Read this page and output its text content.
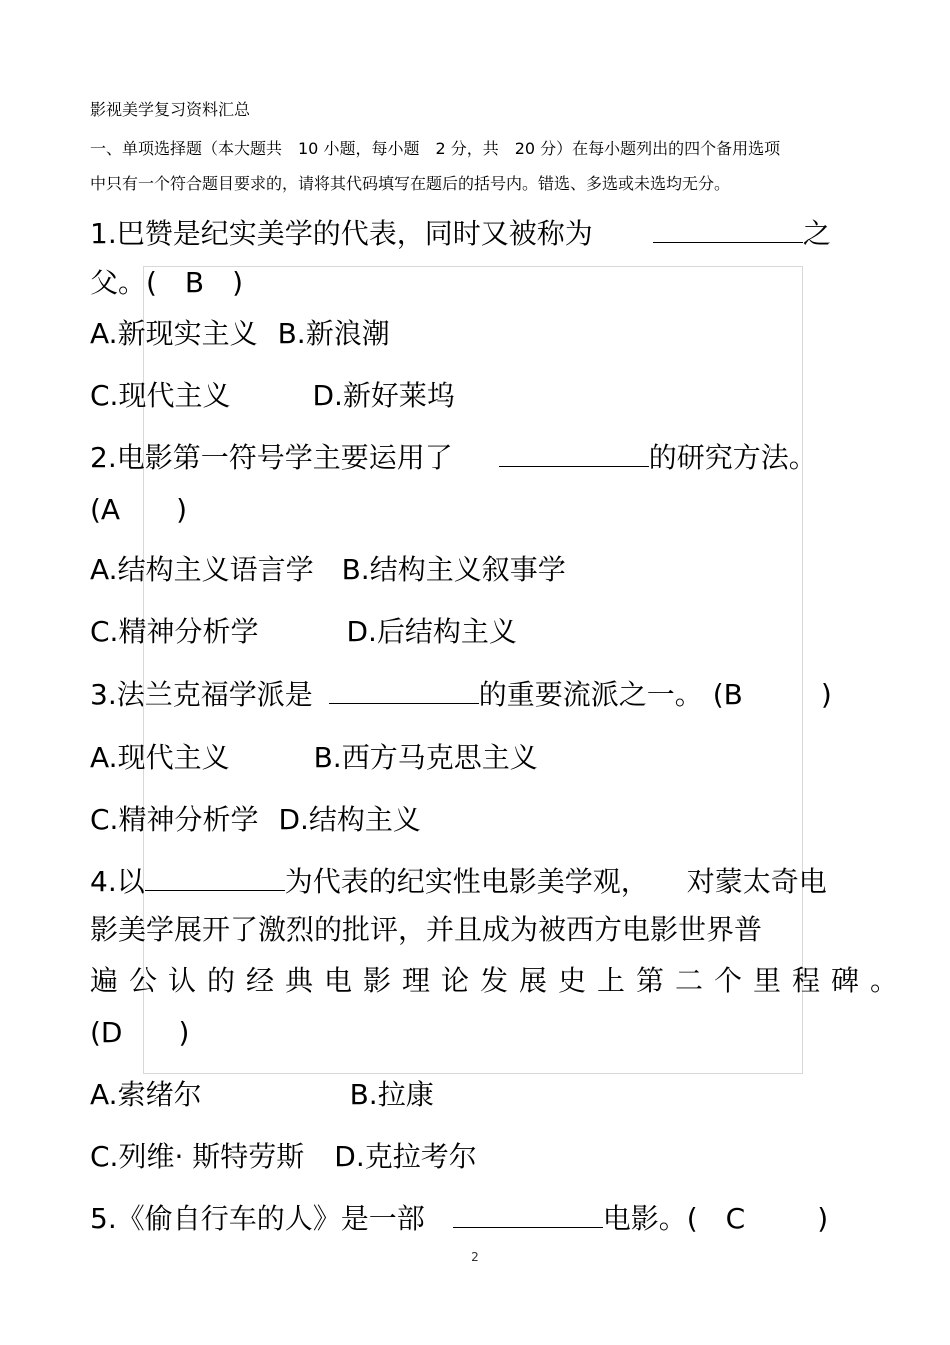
影视美学复习资料汇总
一、单项选择题（本大题共　10 小题，每小题　2 分，共　20 分）在每小题列出的四个备用选项
中只有一个符合题目要求的，请将其代码填写在题后的括号内。错选、多选或未选均无分。
1.巴赞是纪实美学的代表，同时又被称为	之
父。(　B　)
A.新现实主义 B.新浪潮
C.现代主义	D.新好莱坞
2.电影第一符号学主要运用了	的研究方法。
(A　　)
A.结构主义语言学 B.结构主义叙事学
C.精神分析学	D.后结构主义
3.法兰克福学派是	的重要流派之一。 (B	)
A.现代主义	B.西方马克思主义
C.精神分析学 D.结构主义
4.以	为代表的纪实性电影美学观， 对蒙太奇电
影美学展开了激烈的批评，并且成为被西方电影世界普
遍公认的经典电影理论发展史上第二个里程碑。
(D　　)
A.索绪尔	B.拉康
C.列维· 斯特劳斯 D.克拉考尔
5.《偷自行车的人》是一部	电影。(　C	)
2
